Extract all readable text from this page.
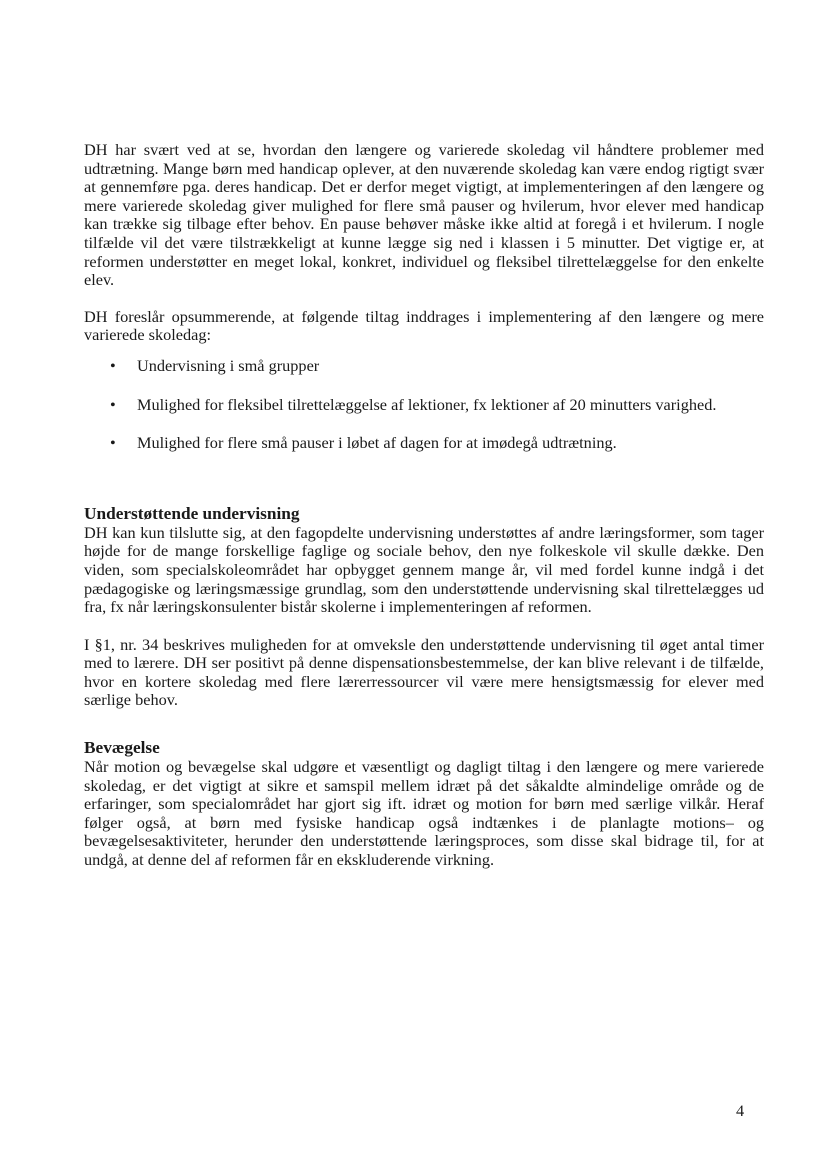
DH har svært ved at se, hvordan den længere og varierede skoledag vil håndtere problemer med udtrætning. Mange børn med handicap oplever, at den nuværende skoledag kan være endog rigtigt svær at gennemføre pga. deres handicap. Det er derfor meget vigtigt, at implementeringen af den længere og mere varierede skoledag giver mulighed for flere små pauser og hvilerum, hvor elever med handicap kan trække sig tilbage efter behov. En pause behøver måske ikke altid at foregå i et hvilerum. I nogle tilfælde vil det være tilstrækkeligt at kunne lægge sig ned i klassen i 5 minutter. Det vigtige er, at reformen understøtter en meget lokal, konkret, individuel og fleksibel tilrettelæggelse for den enkelte elev.

DH foreslår opsummerende, at følgende tiltag inddrages i implementering af den længere og mere varierede skoledag:

• Undervisning i små grupper
• Mulighed for fleksibel tilrettelæggelse af lektioner, fx lektioner af 20 minutters varighed.
• Mulighed for flere små pauser i løbet af dagen for at imødegå udtrætning.
Understøttende undervisning

DH kan kun tilslutte sig, at den fagopdelte undervisning understøttes af andre læringsformer, som tager højde for de mange forskellige faglige og sociale behov, den nye folkeskole vil skulle dække. Den viden, som specialskoleområdet har opbygget gennem mange år, vil med fordel kunne indgå i det pædagogiske og læringsmæssige grundlag, som den understøttende undervisning skal tilrettelægges ud fra, fx når læringskonsulenter bistår skolerne i implementeringen af reformen.

I §1, nr. 34 beskrives muligheden for at omveksle den understøttende undervisning til øget antal timer med to lærere. DH ser positivt på denne dispensationsbestemmelse, der kan blive relevant i de tilfælde, hvor en kortere skoledag med flere lærerressourcer vil være mere hensigtsmæssig for elever med særlige behov.

Bevægelse

Når motion og bevægelse skal udgøre et væsentligt og dagligt tiltag i den længere og mere varierede skoledag, er det vigtigt at sikre et samspil mellem idræt på det såkaldte almindelige område og de erfaringer, som specialområdet har gjort sig ift. idræt og motion for børn med særlige vilkår. Heraf følger også, at børn med fysiske handicap også indtænkes i de planlagte motions– og bevægelsesaktiviteter, herunder den understøttende læringsproces, som disse skal bidrage til, for at undgå, at denne del af reformen får en ekskluderende virkning.

4
